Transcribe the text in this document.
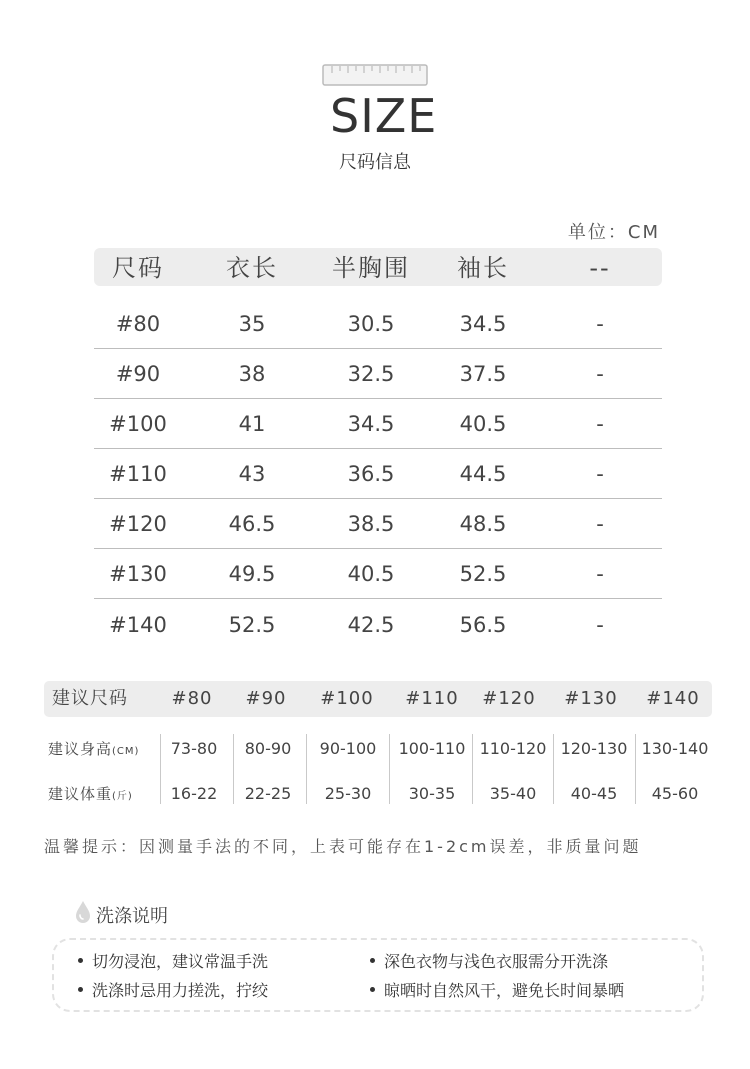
SIZE
尺码信息
单位：CM
尺码	衣长	半胸围	袖长	--
#80	35	30.5	34.5	-
#90	38	32.5	37.5	-
#100	41	34.5	40.5	-
#110	43	36.5	44.5	-
#120	46.5	38.5	48.5	-
#130	49.5	40.5	52.5	-
#140	52.5	42.5	56.5	-
建议尺码	#80	#90	#100	#110	#120	#130	#140
建议身高(CM)	73-80	80-90	90-100	100-110 110-120 120-130 130-140
建议体重(斤)	16-22	22-25	25-30	30-35	35-40	40-45	45-60
温馨提示：因测量手法的不同，上表可能存在1-2cm误差，非质量问题
洗涤说明
切勿浸泡，建议常温手洗	深色衣物与浅色衣服需分开洗涤
洗涤时忌用力搓洗，拧绞	晾晒时自然风干，避免长时间暴晒
